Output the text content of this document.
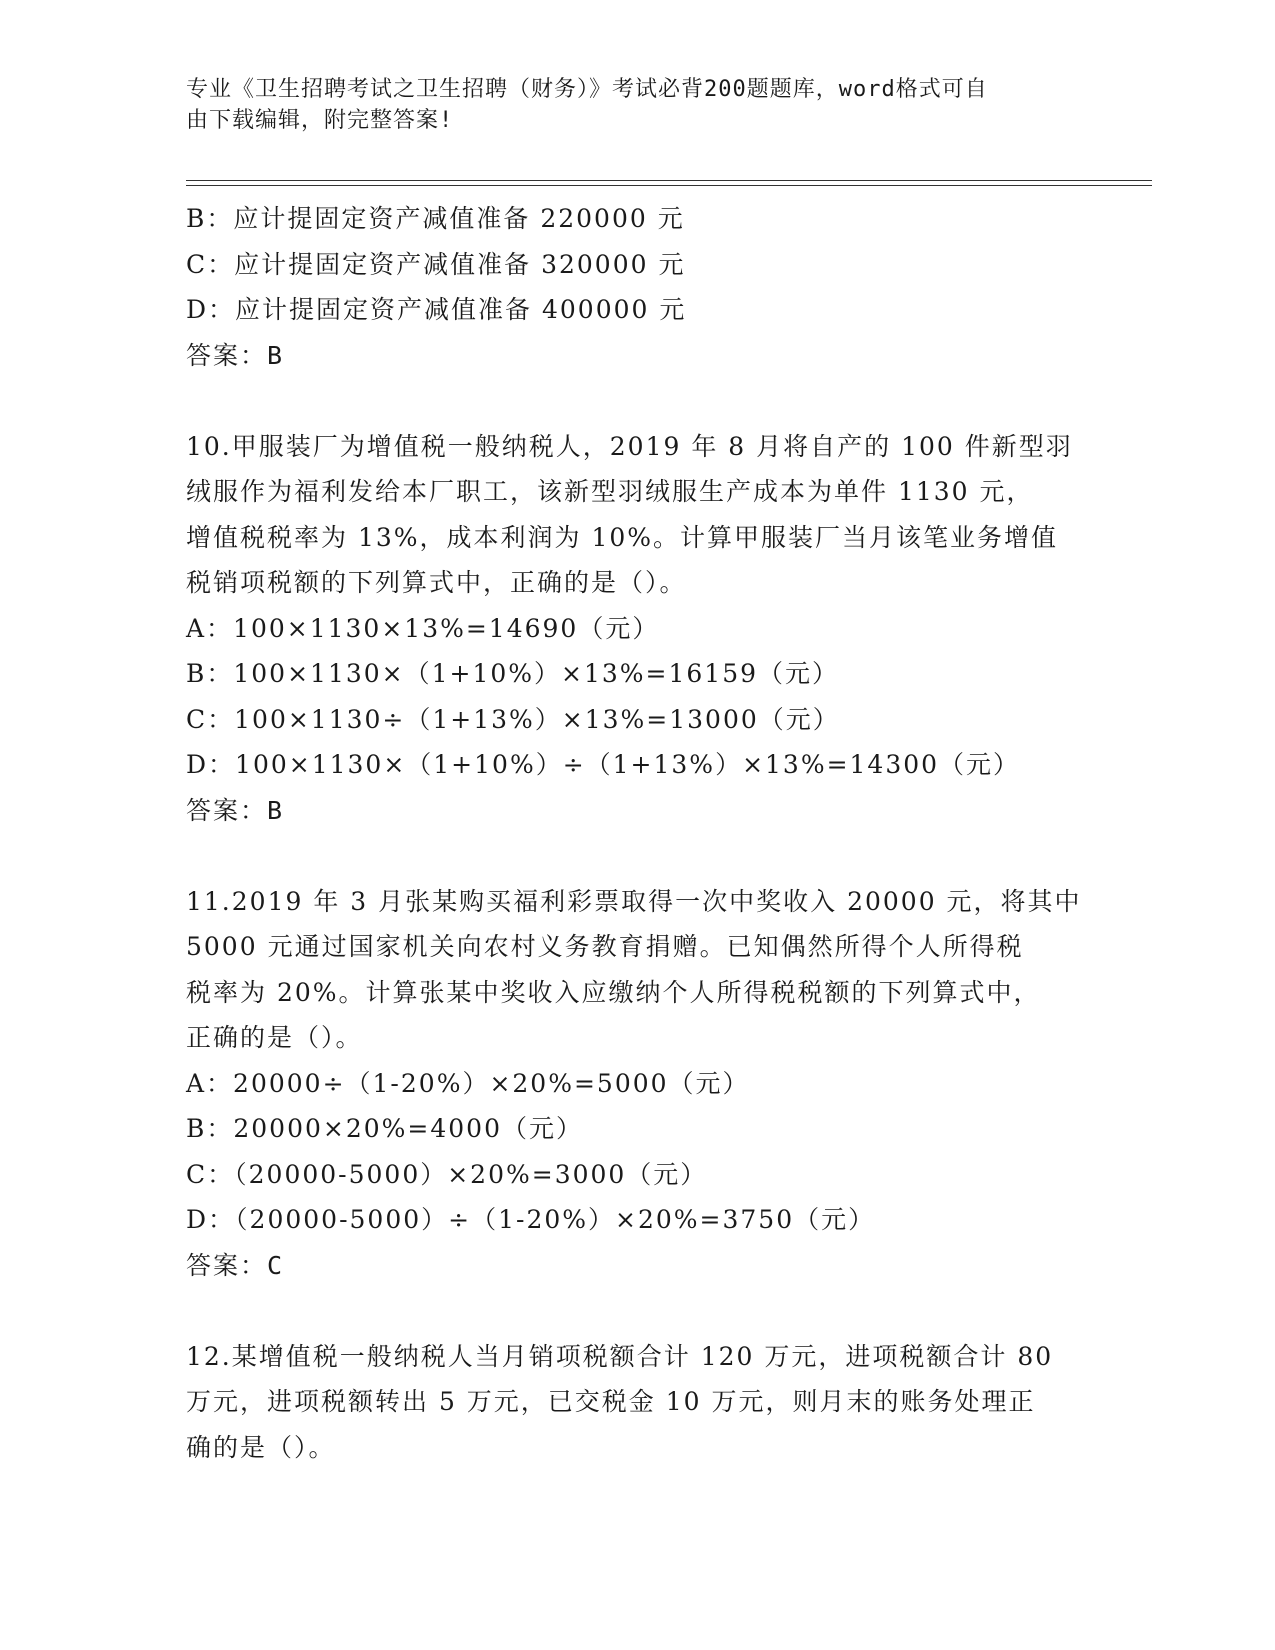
专业《卫生招聘考试之卫生招聘（财务）》考试必背200题题库，word格式可自
由下载编辑，附完整答案!
B：应计提固定资产减值准备 220000 元
C：应计提固定资产减值准备 320000 元
D：应计提固定资产减值准备 400000 元
答案：B
10.甲服装厂为增值税一般纳税人，2019 年 8 月将自产的 100 件新型羽
绒服作为福利发给本厂职工，该新型羽绒服生产成本为单件 1130 元，
增值税税率为 13%，成本利润为 10%。计算甲服装厂当月该笔业务增值
税销项税额的下列算式中，正确的是（）。
A：100×1130×13%=14690（元）
B：100×1130×（1+10%）×13%=16159（元）
C：100×1130÷（1+13%）×13%=13000（元）
D：100×1130×（1+10%）÷（1+13%）×13%=14300（元）
答案：B
11.2019 年 3 月张某购买福利彩票取得一次中奖收入 20000 元，将其中
5000 元通过国家机关向农村义务教育捐赠。已知偶然所得个人所得税
税率为 20%。计算张某中奖收入应缴纳个人所得税税额的下列算式中，
正确的是（）。
A：20000÷（1-20%）×20%=5000（元）
B：20000×20%=4000（元）
C：（20000-5000）×20%=3000（元）
D：（20000-5000）÷（1-20%）×20%=3750（元）
答案：C
12.某增值税一般纳税人当月销项税额合计 120 万元，进项税额合计 80
万元，进项税额转出 5 万元，已交税金 10 万元，则月末的账务处理正
确的是（）。
